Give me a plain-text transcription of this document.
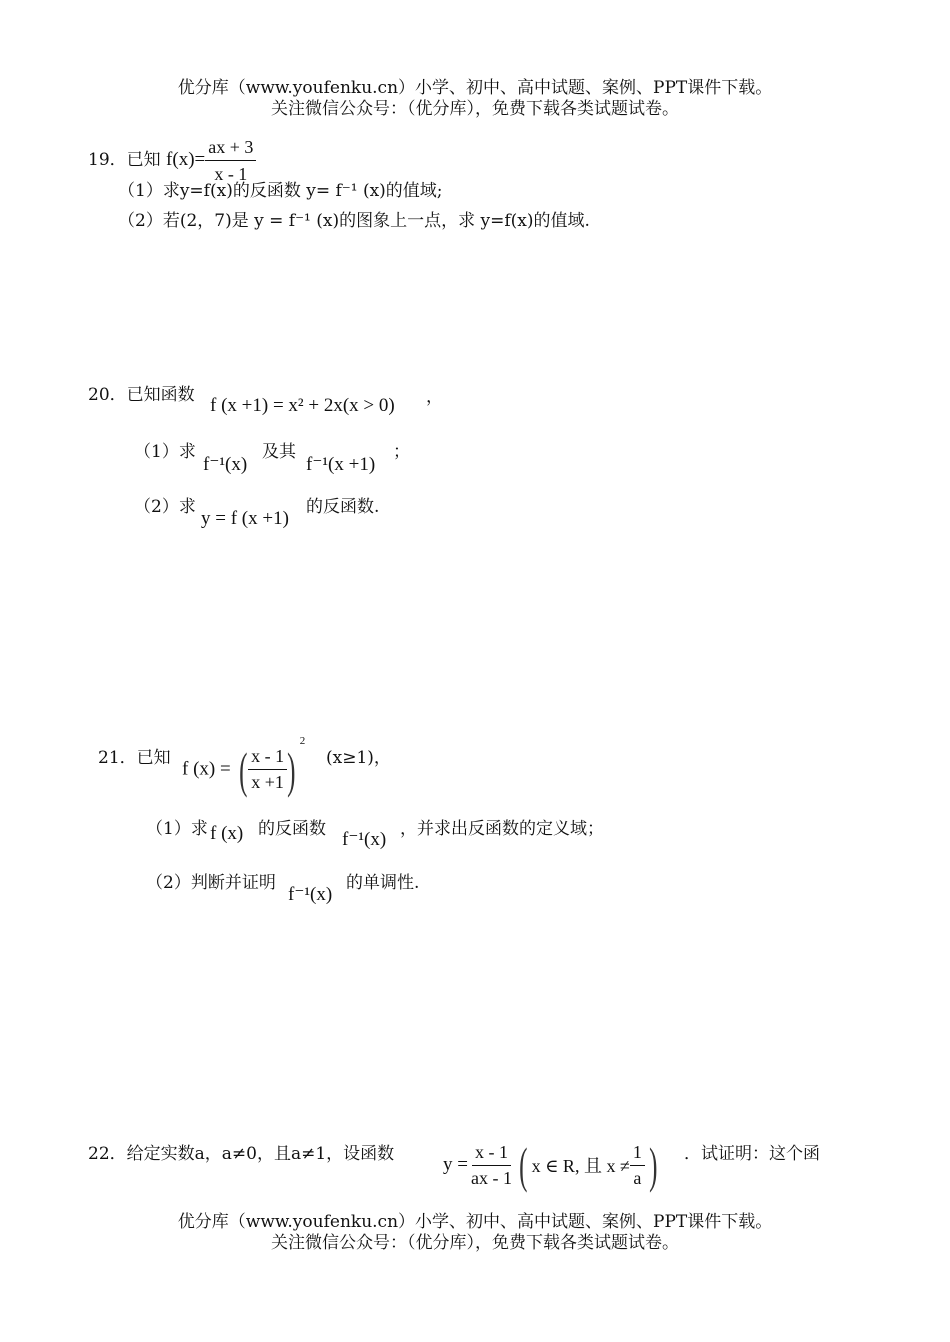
优分库（www.youfenku.cn）小学、初中、高中试题、案例、PPT课件下载。
关注微信公众号：（优分库），免费下载各类试题试卷。
19．已知 $f(x)= \frac{ax + 3}{x - 1}$
（1）求y=f(x)的反函数 y= f⁻¹ (x)的值域;
（2）若(2，7)是 y = f⁻¹ (x)的图象上一点，求 y=f(x)的值域.
20．已知函数 f (x +1) = x² + 2x(x > 0) ，
（1）求
f⁻¹(x)
及其
f⁻¹(x +1)
；
（2）求
y = f (x +1)
的反函数.
21．已知
f (x) = ( $\frac{x - 1}{x +1} )^2$
(x≥1)，
（1）求 f (x) 的反函数 f⁻¹(x) ，并求出反函数的定义域；
（2）判断并证明
f⁻¹(x)
的单调性.
22．给定实数a，a≠0，且a≠1，设函数	$y = \frac{x - 1}{ax - 1}$ ( x ∈ R, 且 $x \ne \frac{1}{a}$ ) ．试证明：这个函
优分库（www.youfenku.cn）小学、初中、高中试题、案例、PPT课件下载。
关注微信公众号：（优分库），免费下载各类试题试卷。
